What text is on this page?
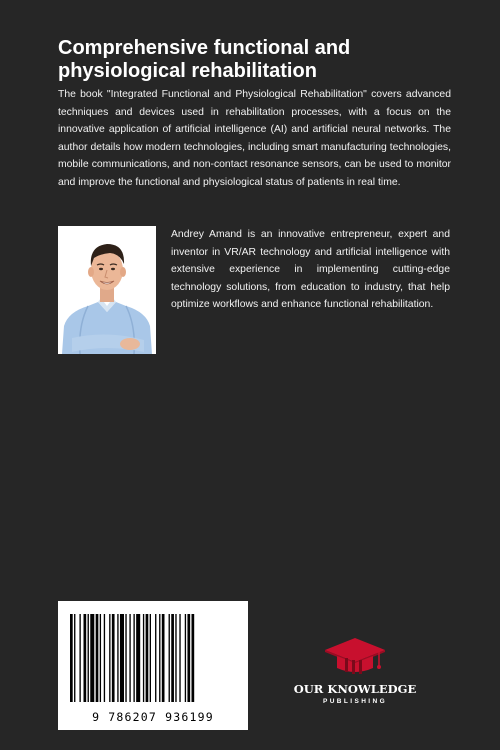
Comprehensive functional and physiological rehabilitation

The book "Integrated Functional and Physiological Rehabilitation" covers advanced techniques and devices used in rehabilitation processes, with a focus on the innovative application of artificial intelligence (AI) and artificial neural networks. The author details how modern technologies, including smart manufacturing technologies, mobile communications, and non-contact resonance sensors, can be used to monitor and improve the functional and physiological status of patients in real time.

Andrey Amand is an innovative entrepreneur, expert and inventor in VR/AR technology and artificial intelligence with extensive experience in implementing cutting-edge technology solutions, from education to industry, that help optimize workflows and enhance functional rehabilitation.

9 786207 936199
OUR KNOWLEDGE
PUBLISHING
